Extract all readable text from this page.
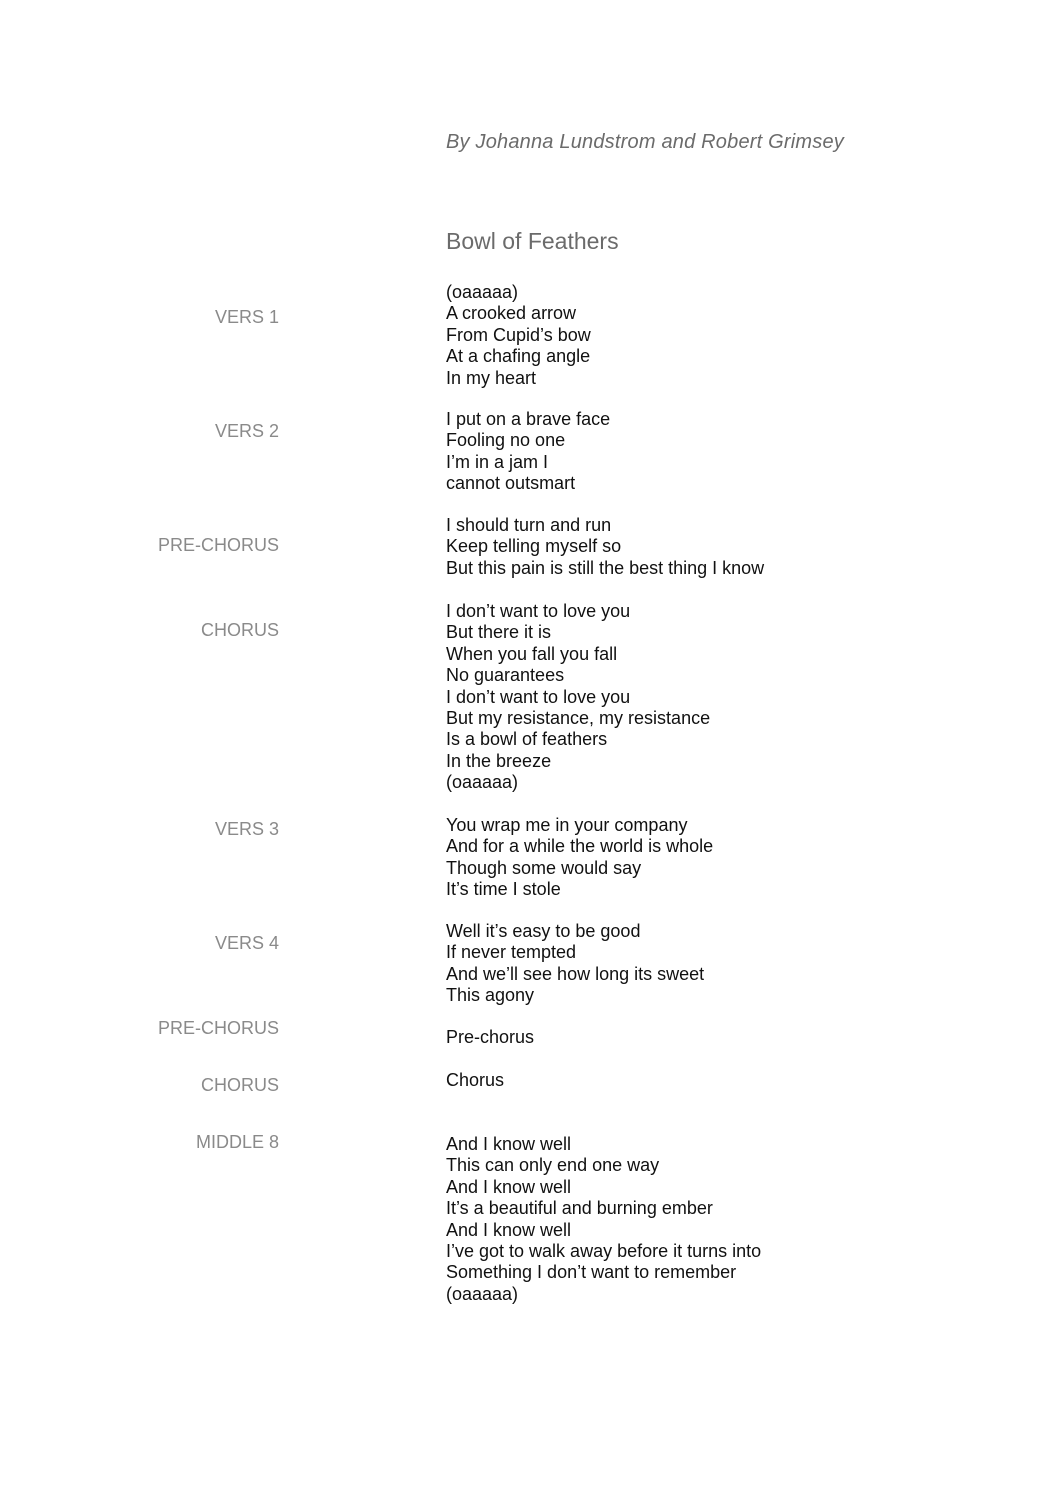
By Johanna Lundstrom and Robert Grimsey
Bowl of Feathers
VERS 1
(oaaaaa)
A crooked arrow
From Cupid’s bow
At a chafing angle
In my heart
VERS 2
I put on a brave face
Fooling no one
I’m in a jam I
cannot outsmart
PRE-CHORUS
I should turn and run
Keep telling myself so
But this pain is still the best thing I know
CHORUS
I don’t want to love you
But there it is
When you fall you fall
No guarantees
I don’t want to love you
But my resistance, my resistance
Is a bowl of feathers
In the breeze
(oaaaaa)
VERS 3	You wrap me in your company
And for a while the world is whole
Though some would say
It’s time I stole
VERS 4
Well it’s easy to be good
If never tempted
And we’ll see how long its sweet
This agony
PRE-CHORUS	Pre-chorus
CHORUS	Chorus
MIDDLE 8	And I know well
This can only end one way
And I know well
It’s a beautiful and burning ember
And I know well
I’ve got to walk away before it turns into
Something I don’t want to remember
(oaaaaa)
